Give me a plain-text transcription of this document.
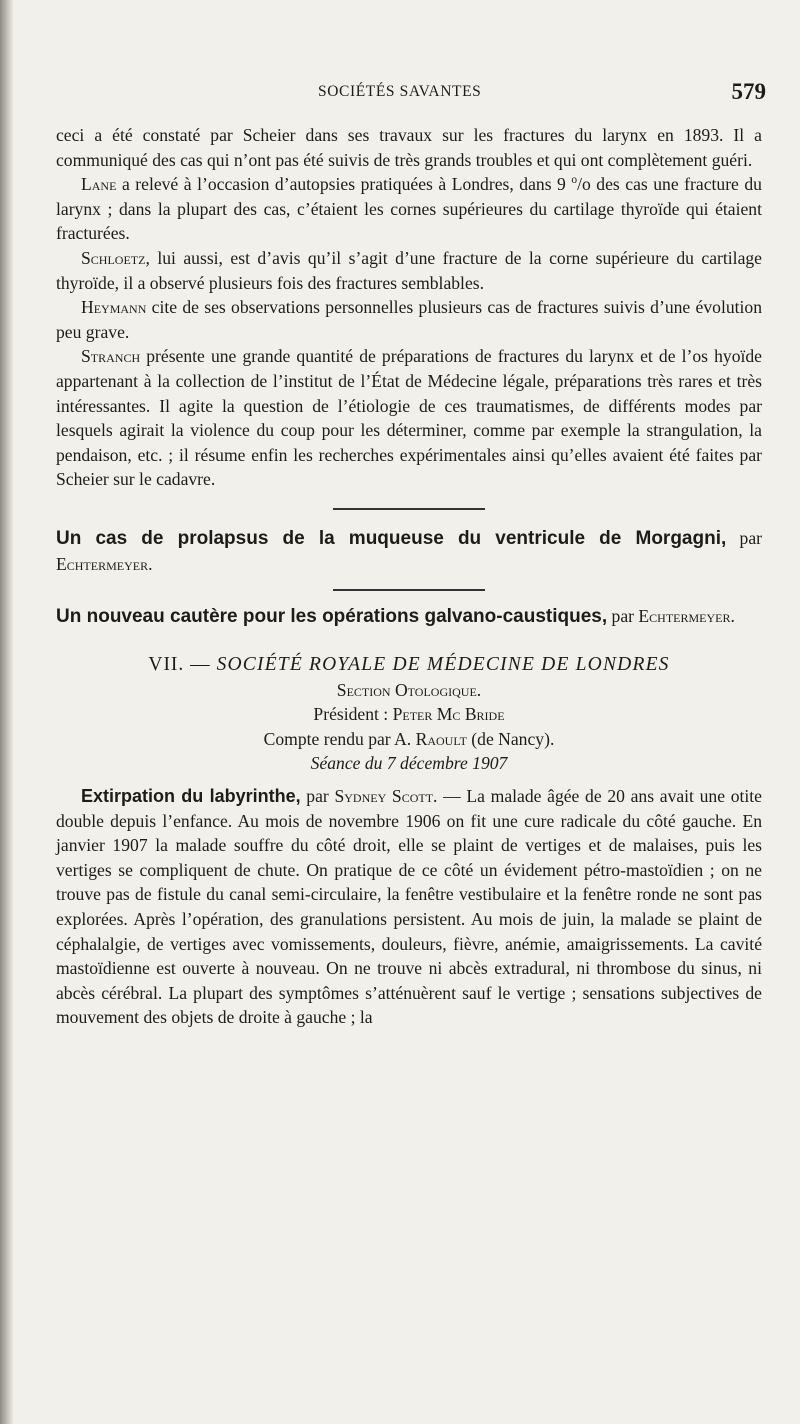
SOCIÉTÉS SAVANTES	579

ceci a été constaté par Scheier dans ses travaux sur les fractures du larynx en 1893. Il a communiqué des cas qui n’ont pas été suivis de très grands troubles et qui ont complètement guéri.

Lane a relevé à l’occasion d’autopsies pratiquées à Londres, dans 9 $^o$/o des cas une fracture du larynx ; dans la plupart des cas, c’étaient les cornes supérieures du cartilage thyroïde qui étaient fracturées.

Schloetz, lui aussi, est d’avis qu’il s’agit d’une fracture de la corne supérieure du cartilage thyroïde, il a observé plusieurs fois des fractures semblables.

Heymann cite de ses observations personnelles plusieurs cas de fractures suivis d’une évolution peu grave.

Stranch présente une grande quantité de préparations de fractures du larynx et de l’os hyoïde appartenant à la collection de l’institut de l’État de Médecine légale, préparations très rares et très intéressantes. Il agite la question de l’étiologie de ces traumatismes, de différents modes par lesquels agirait la violence du coup pour les déterminer, comme par exemple la strangulation, la pendaison, etc. ; il résume enfin les recherches expérimentales ainsi qu’elles avaient été faites par Scheier sur le cadavre.

Un cas de prolapsus de la muqueuse du ventricule de Morgagni, par Echtermeyer.

Un nouveau cautère pour les opérations galvano-caustiques, par Echtermeyer.

VII. — SOCIÉTÉ ROYALE DE MÉDECINE DE LONDRES

Section Otologique.

Président : Peter Mc Bride

Compte rendu par A. Raoult (de Nancy).

Séance du 7 décembre 1907

Extirpation du labyrinthe, par Sydney Scott. — La malade âgée de 20 ans avait une otite double depuis l’enfance. Au mois de novembre 1906 on fit une cure radicale du côté gauche. En janvier 1907 la malade souffre du côté droit, elle se plaint de vertiges et de malaises, puis les vertiges se compliquent de chute. On pratique de ce côté un évidement pétro-mastoïdien ; on ne trouve pas de fistule du canal semi-circulaire, la fenêtre vestibulaire et la fenêtre ronde ne sont pas explorées. Après l’opération, des granulations persistent. Au mois de juin, la malade se plaint de céphalalgie, de vertiges avec vomissements, douleurs, fièvre, anémie, amaigrissements. La cavité mastoïdienne est ouverte à nouveau. On ne trouve ni abcès extradural, ni thrombose du sinus, ni abcès cérébral. La plupart des symptômes s’atténuèrent sauf le vertige ; sensations subjectives de mouvement des objets de droite à gauche ; la
